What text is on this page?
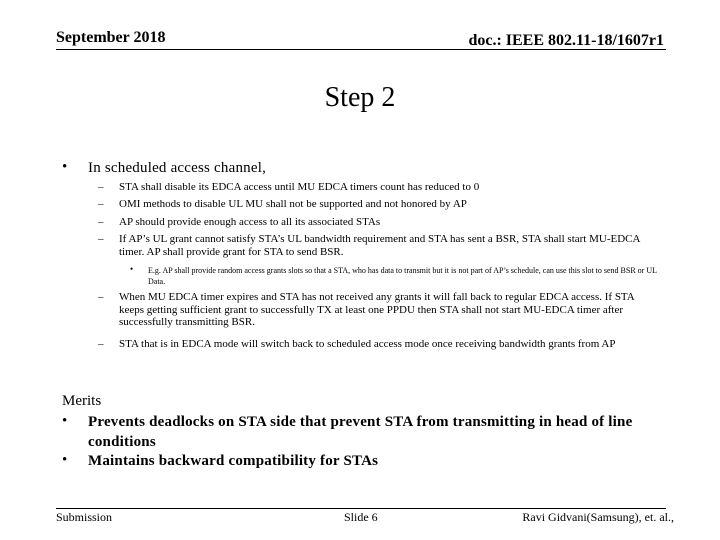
September 2018	doc.: IEEE 802.11-18/1607r1
Step 2
• In scheduled access channel,
– STA shall disable its EDCA access until MU EDCA timers count has reduced to 0
– OMI methods to disable UL MU shall not be supported and not honored by AP
– AP should provide enough access to all its associated STAs
– If AP’s UL grant cannot satisfy STA’s UL bandwidth requirement and STA has sent a BSR, STA shall start MU-EDCA timer. AP shall provide grant for STA to send BSR.
• E.g. AP shall provide random access grants slots so that a STA, who has data to transmit but it is not part of AP’s schedule, can use this slot to send BSR or UL Data.
– When MU EDCA timer expires and STA has not received any grants it will fall back to regular EDCA access. If STA keeps getting sufficient grant to successfully TX at least one PPDU then STA shall not start MU-EDCA timer after successfully transmitting BSR.
– STA that is in EDCA mode will switch back to scheduled access mode once receiving bandwidth grants from AP
Merits
• Prevents deadlocks on STA side that prevent STA from transmitting in head of line conditions
• Maintains backward compatibility for STAs
Submission	Slide 6	Ravi Gidvani(Samsung), et. al.,
